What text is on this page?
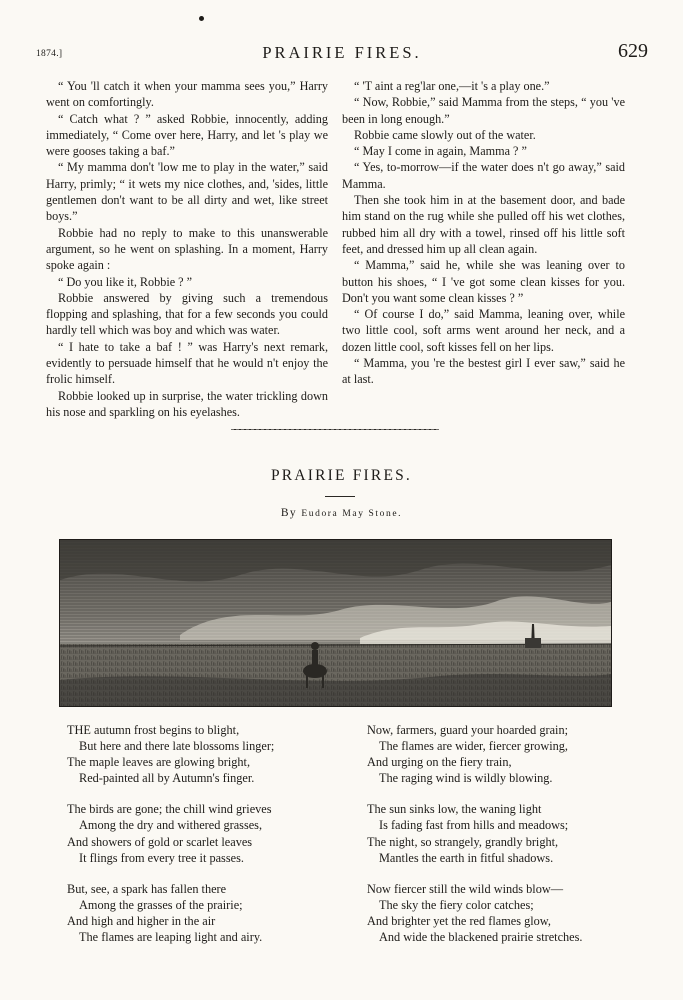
1874.]	PRAIRIE FIRES.	629

“ You 'll catch it when your mamma sees you,” Harry went on comfortingly.

“ Catch what ? ” asked Robbie, innocently, adding immediately, “ Come over here, Harry, and let 's play we were gooses taking a baf.”

“ My mamma don't 'low me to play in the water,” said Harry, primly; “ it wets my nice clothes, and, 'sides, little gentlemen don't want to be all dirty and wet, like street boys.”

Robbie had no reply to make to this unanswerable argument, so he went on splashing. In a moment, Harry spoke again :

“ Do you like it, Robbie ? ”

Robbie answered by giving such a tremendous flopping and splashing, that for a few seconds you could hardly tell which was boy and which was water.

“ I hate to take a baf ! ” was Harry's next remark, evidently to persuade himself that he would n't enjoy the frolic himself.

Robbie looked up in surprise, the water trickling down his nose and sparkling on his eyelashes.

“ 'T aint a reg'lar one,—it 's a play one.”

“ Now, Robbie,” said Mamma from the steps, “ you 've been in long enough.”

Robbie came slowly out of the water.

“ May I come in again, Mamma ? ”

“ Yes, to-morrow—if the water does n't go away,” said Mamma.

Then she took him in at the basement door, and bade him stand on the rug while she pulled off his wet clothes, rubbed him all dry with a towel, rinsed off his little soft feet, and dressed him up all clean again.

“ Mamma,” said he, while she was leaning over to button his shoes, “ I 've got some clean kisses for you. Don't you want some clean kisses ? ”

“ Of course I do,” said Mamma, leaning over, while two little cool, soft arms went around her neck, and a dozen little cool, soft kisses fell on her lips.

“ Mamma, you 're the bestest girl I ever saw,” said he at last.

PRAIRIE FIRES.
By Eudora May Stone.
THE autumn frost begins to blight,
But here and there late blossoms linger;
The maple leaves are glowing bright,
Red-painted all by Autumn's finger.
The birds are gone; the chill wind grieves
Among the dry and withered grasses,
And showers of gold or scarlet leaves
It flings from every tree it passes.
But, see, a spark has fallen there
Among the grasses of the prairie;
And high and higher in the air
The flames are leaping light and airy.
Now, farmers, guard your hoarded grain;
The flames are wider, fiercer growing,
And urging on the fiery train,
The raging wind is wildly blowing.
The sun sinks low, the waning light
Is fading fast from hills and meadows;
The night, so strangely, grandly bright,
Mantles the earth in fitful shadows.
Now fiercer still the wild winds blow—
The sky the fiery color catches;
And brighter yet the red flames glow,
And wide the blackened prairie stretches.
